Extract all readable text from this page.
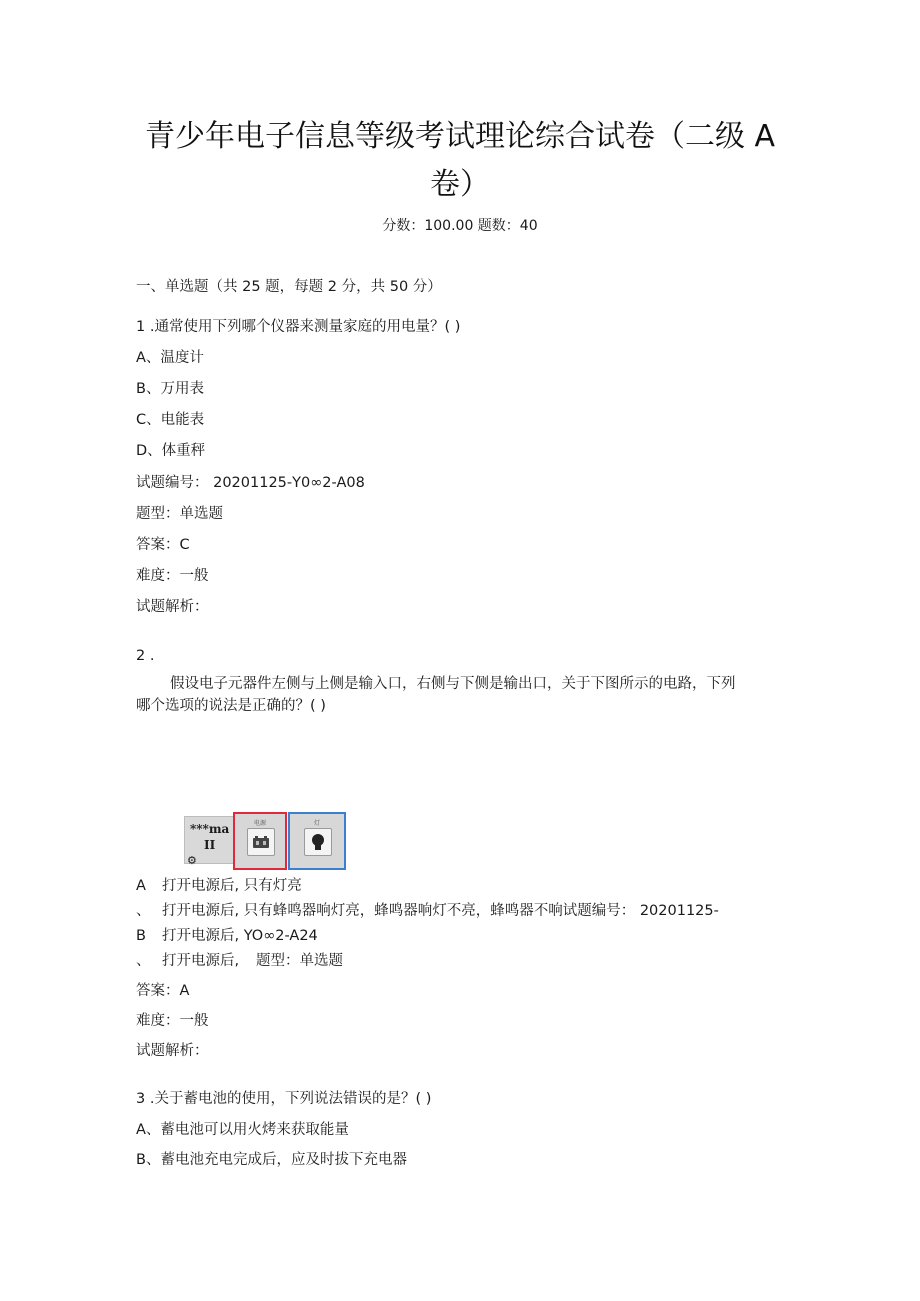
青少年电子信息等级考试理论综合试卷（二级 A
卷）
分数：100.00 题数：40
一、单选题（共 25 题，每题 2 分，共 50 分）
1 .通常使用下列哪个仪器来测量家庭的用电量？( )
A、温度计
B、万用表
C、电能表
D、体重秤
试题编号： 20201125-Y0∞2-A08
题型：单选题
答案：C
难度：一般
试题解析：
2 .
假设电子元器件左侧与上侧是输入口，右侧与下侧是输出口，关于下图所示的电路，下列
哪个选项的说法是正确的？( )
***ma
II
⚙
电源	灯
A 打开电源后, 只有灯亮
、 打开电源后, 只有蜂鸣器响灯亮，蜂鸣器响灯不亮，蜂鸣器不响试题编号： 20201125-
B 打开电源后, YO∞2-A24
、 打开电源后, 题型：单选题
答案：A
难度：一般
试题解析：
3 .关于蓄电池的使用，下列说法错误的是？( )
A、蓄电池可以用火烤来获取能量
B、蓄电池充电完成后，应及时拔下充电器
